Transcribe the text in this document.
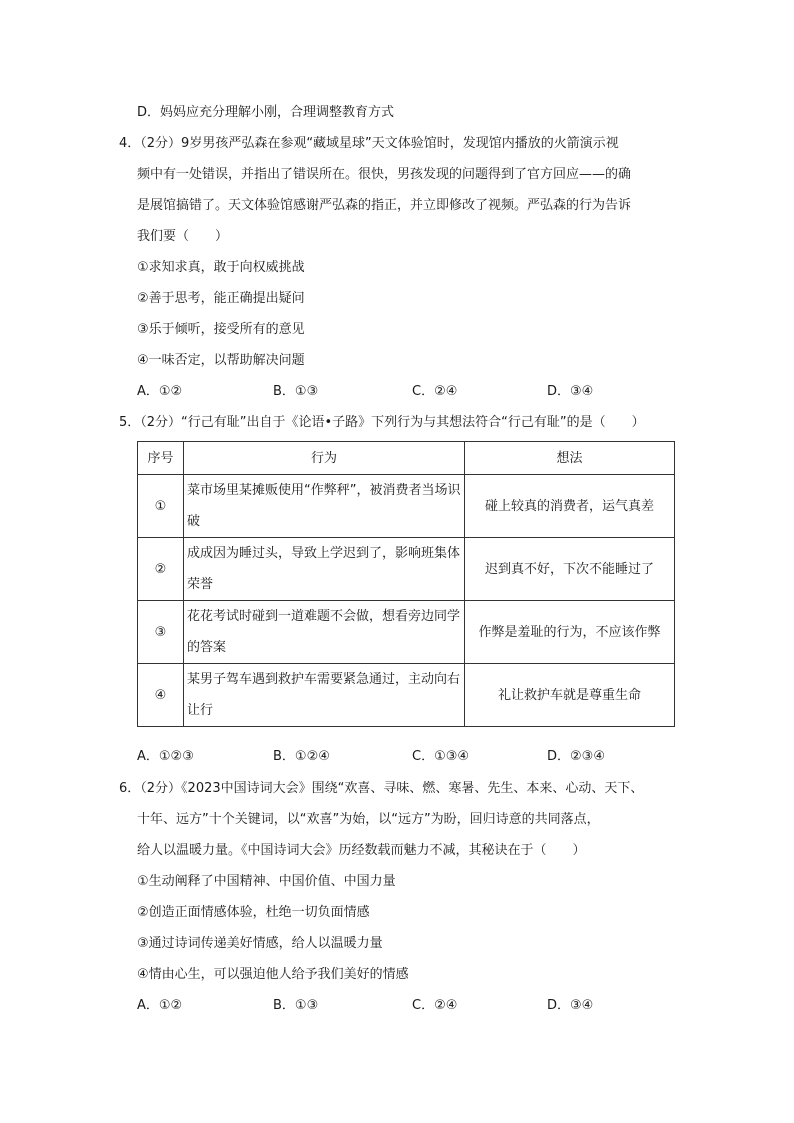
D．妈妈应充分理解小刚，合理调整教育方式
4．（2分）9岁男孩严弘森在参观“藏域星球”天文体验馆时，发现馆内播放的火箭演示视
频中有一处错误，并指出了错误所在。很快，男孩发现的问题得到了官方回应——的确
是展馆搞错了。天文体验馆感谢严弘森的指正，并立即修改了视频。严弘森的行为告诉
我们要（　　）
①求知求真，敢于向权威挑战
②善于思考，能正确提出疑问
③乐于倾听，接受所有的意见
④一味否定，以帮助解决问题
A．①②	B．①③	C．②④	D．③④
5．（2分）“行己有耻”出自于《论语•子路》下列行为与其想法符合“行己有耻”的是（　　）
序号	行为	想法
①	菜市场里某摊贩使用“作弊秤”，被消费者当场识破	碰上较真的消费者，运气真差
②	成成因为睡过头，导致上学迟到了，影响班集体荣誉	迟到真不好，下次不能睡过了
③	花花考试时碰到一道难题不会做，想看旁边同学的答案	作弊是羞耻的行为，不应该作弊
④	某男子驾车遇到救护车需要紧急通过，主动向右让行	礼让救护车就是尊重生命
A．①②③	B．①②④	C．①③④	D．②③④
6．（2分）《2023中国诗词大会》围绕“欢喜、寻味、燃、寒暑、先生、本来、心动、天下、
十年、远方”十个关键词，以“欢喜”为始，以“远方”为盼，回归诗意的共同落点，
给人以温暖力量。《中国诗词大会》历经数载而魅力不减，其秘诀在于（　　）
①生动阐释了中国精神、中国价值、中国力量
②创造正面情感体验，杜绝一切负面情感
③通过诗词传递美好情感，给人以温暖力量
④情由心生，可以强迫他人给予我们美好的情感
A．①②	B．①③	C．②④	D．③④
